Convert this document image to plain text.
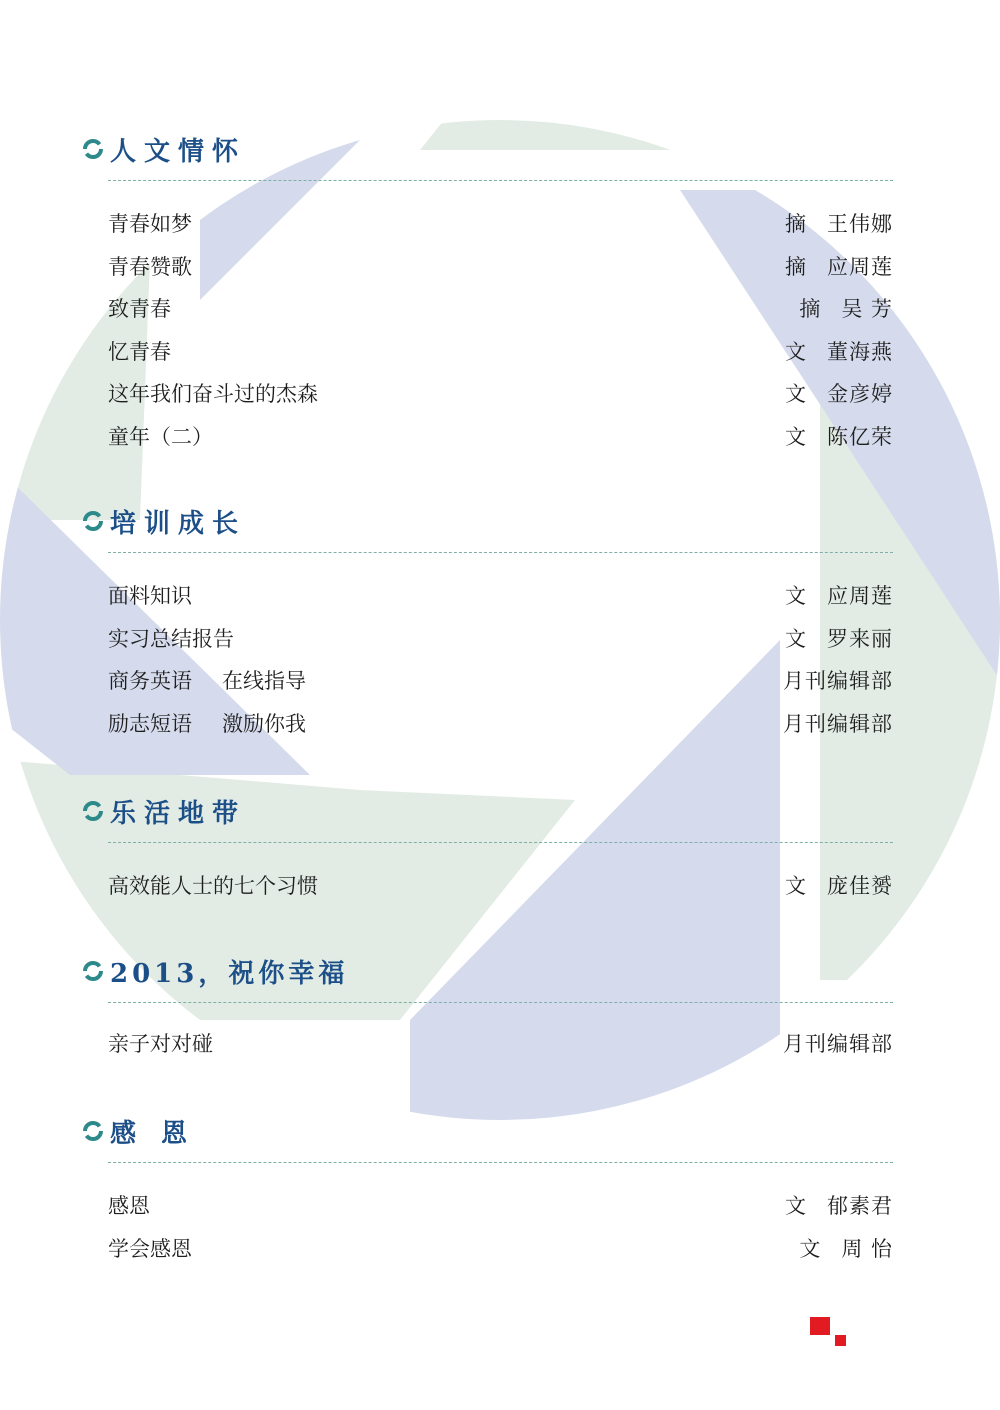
人文情怀
青春如梦	摘	王伟娜
青春赞歌	摘	应周莲
致青春	摘	吴 芳
忆青春	文	董海燕
这年我们奋斗过的杰森	文	金彦婷
童年（二）	文	陈亿荣
培训成长
面料知识	文	应周莲
实习总结报告	文	罗来丽
商务英语 在线指导	月刊编辑部
励志短语 激励你我	月刊编辑部
乐活地带
高效能人士的七个习惯	文	庞佳赟
2013，祝你幸福
亲子对对碰	月刊编辑部
感 恩
感恩	文	郁素君
学会感恩	文	周 怡
